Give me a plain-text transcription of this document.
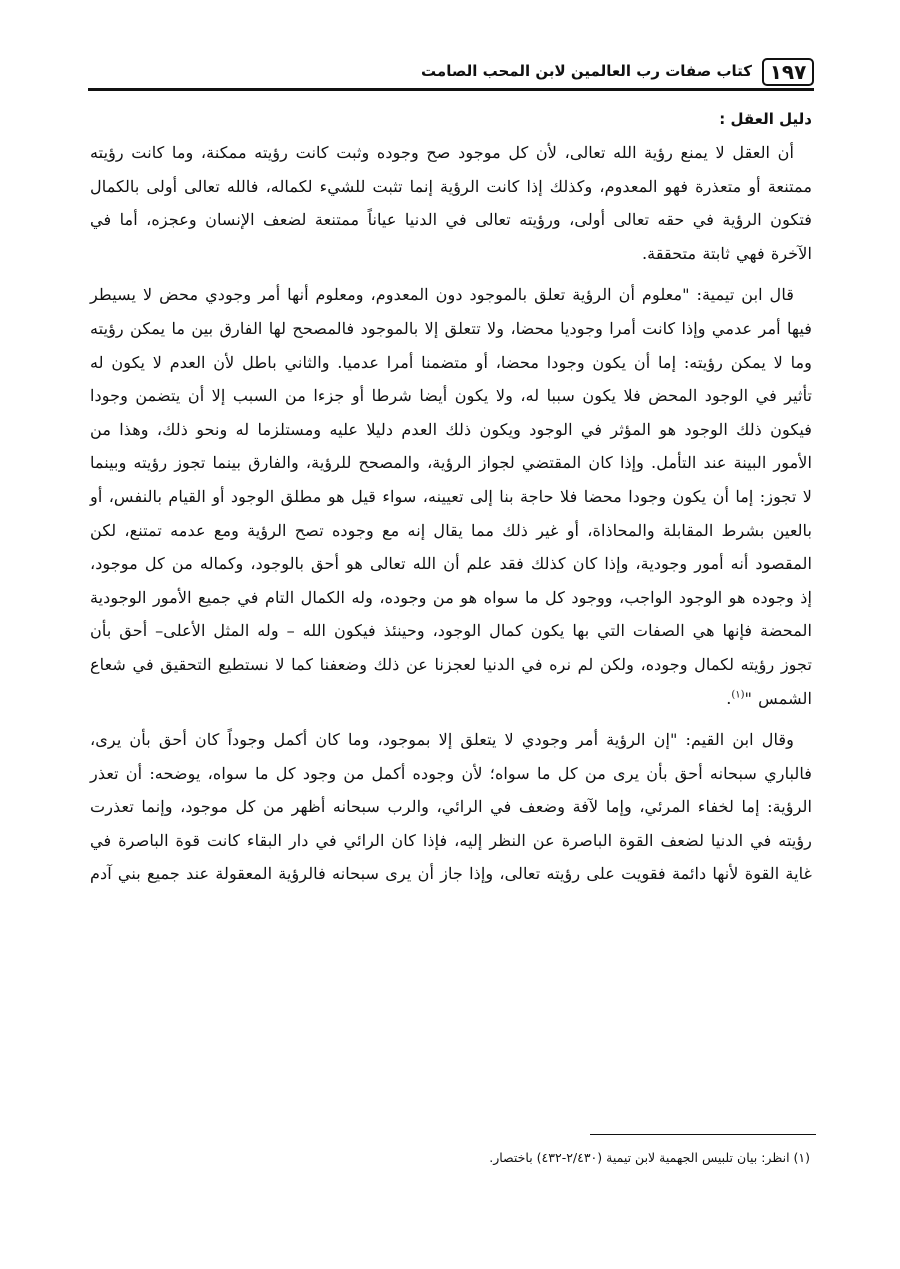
١٩٧
كتاب صفات رب العالمين لابن المحب الصامت
دليل العقل :

أن العقل لا يمنع رؤية الله تعالى، لأن كل موجود صح وجوده وثبت كانت رؤيته ممكنة، وما كانت رؤيته ممتنعة أو متعذرة فهو المعدوم، وكذلك إذا كانت الرؤية إنما تثبت للشيء لكماله، فالله تعالى أولى بالكمال فتكون الرؤية في حقه تعالى أولى، ورؤيته تعالى في الدنيا عياناً ممتنعة لضعف الإنسان وعجزه، أما في الآخرة فهي ثابتة متحققة.

قال ابن تيمية: "معلوم أن الرؤية تعلق بالموجود دون المعدوم، ومعلوم أنها أمر وجودي محض لا يسيطر فيها أمر عدمي وإذا كانت أمرا وجوديا محضا، ولا تتعلق إلا بالموجود فالمصحح لها الفارق بين ما يمكن رؤيته وما لا يمكن رؤيته: إما أن يكون وجودا محضا، أو متضمنا أمرا عدميا. والثاني باطل لأن العدم لا يكون له تأثير في الوجود المحض فلا يكون سببا له، ولا يكون أيضا شرطا أو جزءا من السبب إلا أن يتضمن وجودا فيكون ذلك الوجود هو المؤثر في الوجود ويكون ذلك العدم دليلا عليه ومستلزما له ونحو ذلك، وهذا من الأمور البينة عند التأمل. وإذا كان المقتضي لجواز الرؤية، والمصحح للرؤية، والفارق بينما تجوز رؤيته وبينما لا تجوز: إما أن يكون وجودا محضا فلا حاجة بنا إلى تعيينه، سواء قيل هو مطلق الوجود أو القيام بالنفس، أو بالعين بشرط المقابلة والمحاذاة، أو غير ذلك مما يقال إنه مع وجوده تصح الرؤية ومع عدمه تمتنع، لكن المقصود أنه أمور وجودية، وإذا كان كذلك فقد علم أن الله تعالى هو أحق بالوجود، وكماله من كل موجود، إذ وجوده هو الوجود الواجب، ووجود كل ما سواه هو من وجوده، وله الكمال التام في جميع الأمور الوجودية المحضة فإنها هي الصفات التي بها يكون كمال الوجود، وحينئذ فيكون الله – وله المثل الأعلى– أحق بأن تجوز رؤيته لكمال وجوده، ولكن لم نره في الدنيا لعجزنا عن ذلك وضعفنا كما لا نستطيع التحقيق في شعاع الشمس "$^{(١)}$.

وقال ابن القيم: "إن الرؤية أمر وجودي لا يتعلق إلا بموجود، وما كان أكمل وجوداً كان أحق بأن يرى، فالباري سبحانه أحق بأن يرى من كل ما سواه؛ لأن وجوده أكمل من وجود كل ما سواه، يوضحه: أن تعذر الرؤية: إما لخفاء المرئي، وإما لآفة وضعف في الرائي، والرب سبحانه أظهر من كل موجود، وإنما تعذرت رؤيته في الدنيا لضعف القوة الباصرة عن النظر إليه، فإذا كان الرائي في دار البقاء كانت قوة الباصرة في غاية القوة لأنها دائمة فقويت على رؤيته تعالى، وإذا جاز أن يرى سبحانه فالرؤية المعقولة عند جميع بني آدم

(١) انظر: بيان تلبيس الجهمية لابن تيمية (٢/٤٣٠-٤٣٢) باختصار.
